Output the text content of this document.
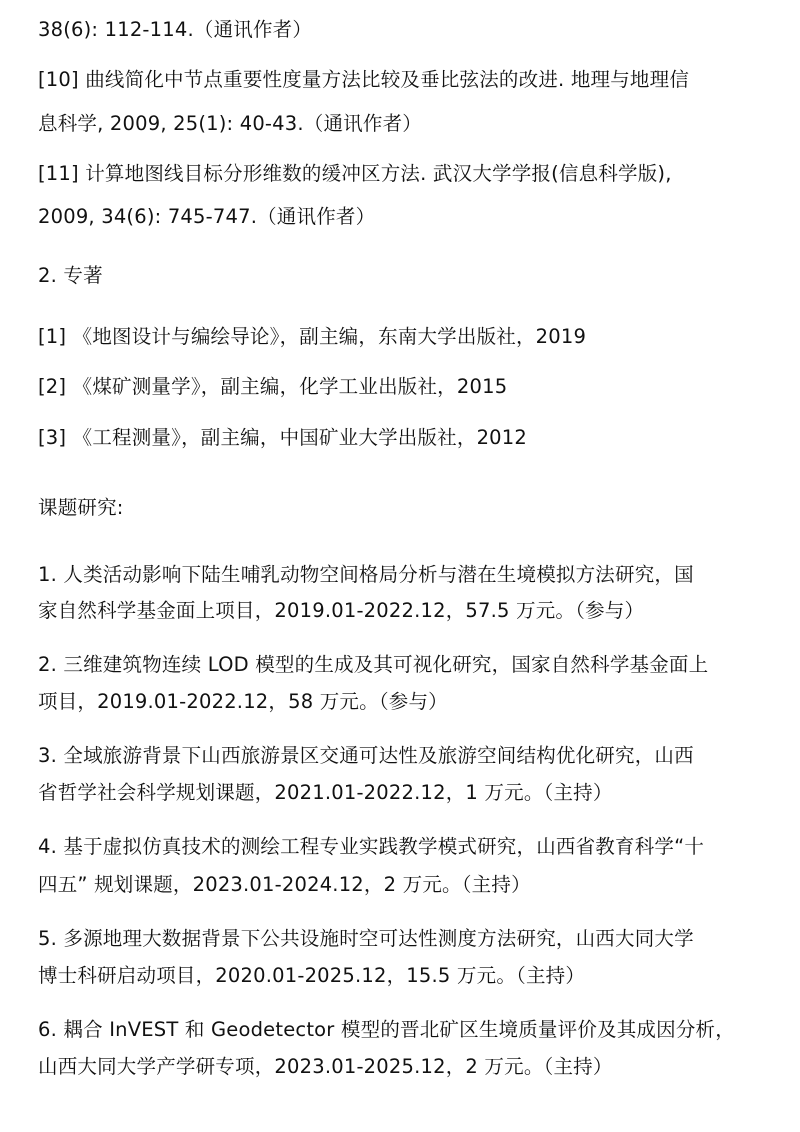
38(6): 112-114.（通讯作者）
[10] 曲线简化中节点重要性度量方法比较及垂比弦法的改进. 地理与地理信
息科学, 2009, 25(1): 40-43.（通讯作者）
[11] 计算地图线目标分形维数的缓冲区方法. 武汉大学学报(信息科学版),
2009, 34(6): 745-747.（通讯作者）
2. 专著
[1] 《地图设计与编绘导论》，副主编，东南大学出版社，2019
[2] 《煤矿测量学》，副主编，化学工业出版社，2015
[3] 《工程测量》，副主编，中国矿业大学出版社，2012
课题研究:
1. 人类活动影响下陆生哺乳动物空间格局分析与潜在生境模拟方法研究，国
家自然科学基金面上项目，2019.01-2022.12，57.5 万元。（参与）
2. 三维建筑物连续 LOD 模型的生成及其可视化研究，国家自然科学基金面上
项目，2019.01-2022.12，58 万元。（参与）
3. 全域旅游背景下山西旅游景区交通可达性及旅游空间结构优化研究，山西
省哲学社会科学规划课题，2021.01-2022.12，1 万元。（主持）
4. 基于虚拟仿真技术的测绘工程专业实践教学模式研究，山西省教育科学“十
四五” 规划课题，2023.01-2024.12，2 万元。（主持）
5. 多源地理大数据背景下公共设施时空可达性测度方法研究，山西大同大学
博士科研启动项目，2020.01-2025.12，15.5 万元。（主持）
6. 耦合 InVEST 和 Geodetector 模型的晋北矿区生境质量评价及其成因分析，
山西大同大学产学研专项，2023.01-2025.12，2 万元。（主持）
